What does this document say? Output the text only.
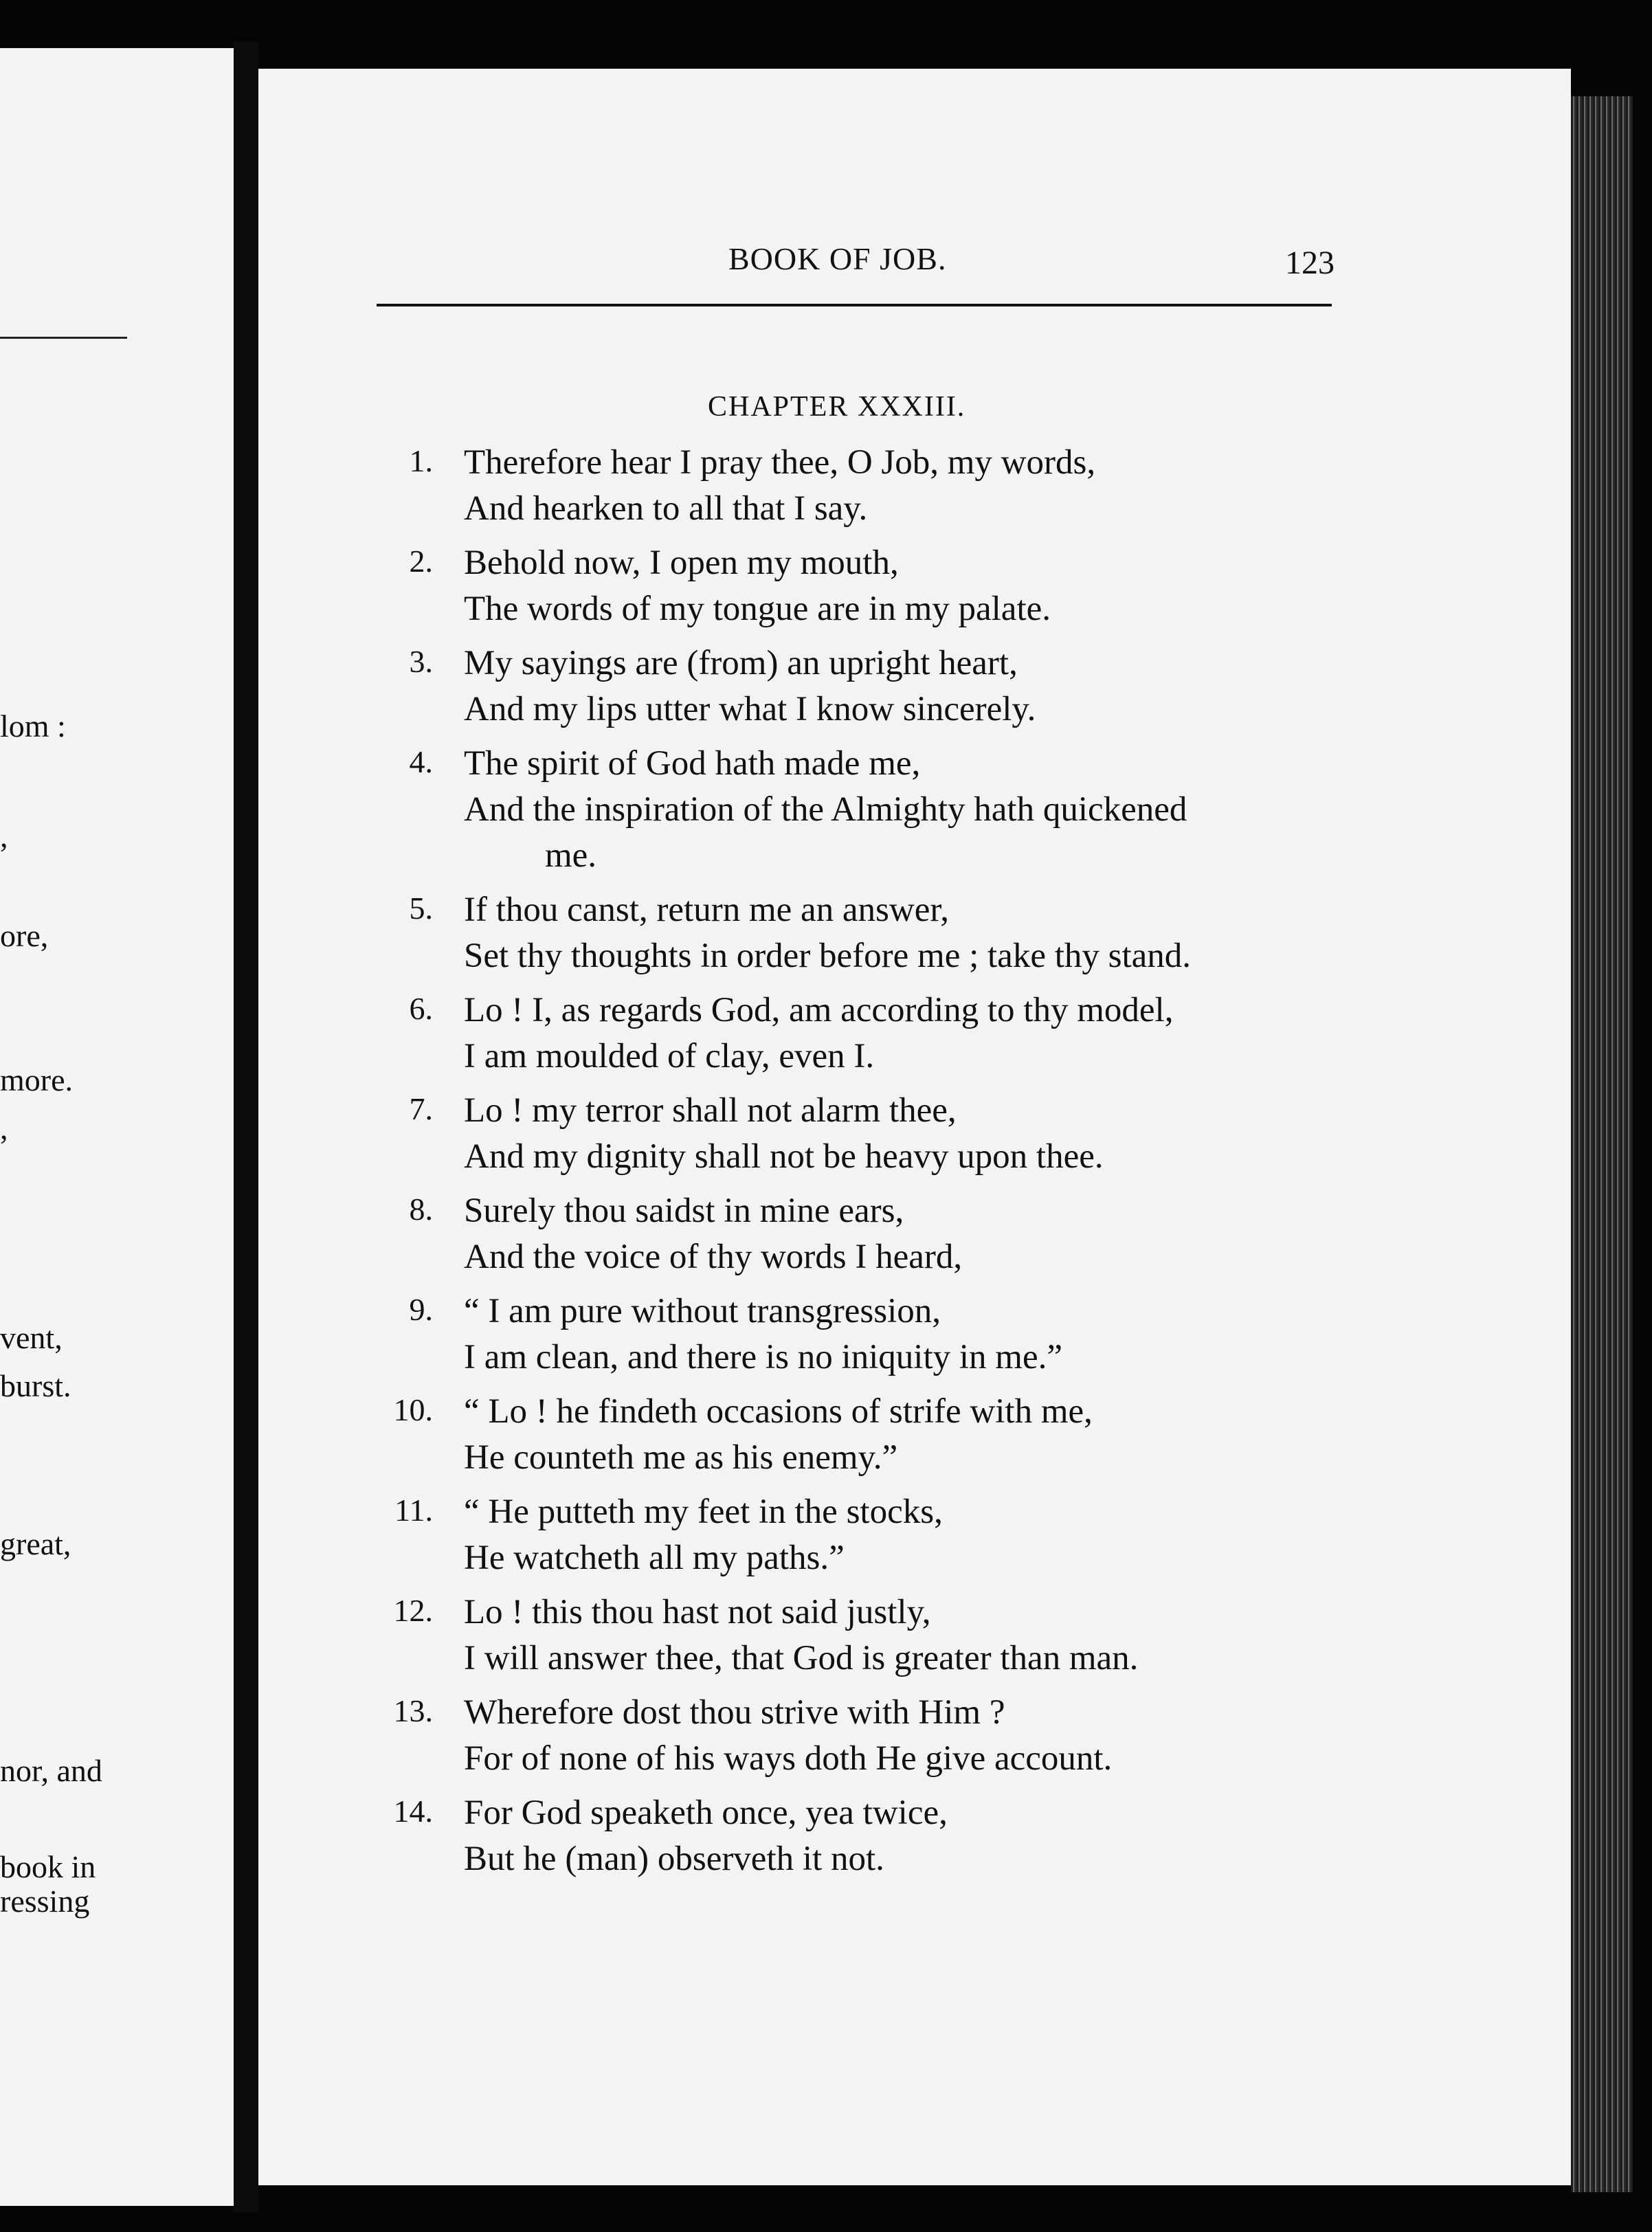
lom :
,
ore,
more.
,
vent,
burst.
great,
nor, and
book in
ressing
BOOK OF JOB.	123
CHAPTER XXXIII.
1. Therefore hear I pray thee, O Job, my words,
And hearken to all that I say.
2. Behold now, I open my mouth,
The words of my tongue are in my palate.
3. My sayings are (from) an upright heart,
And my lips utter what I know sincerely.
4. The spirit of God hath made me,
And the inspiration of the Almighty hath quickened
me.
5. If thou canst, return me an answer,
Set thy thoughts in order before me ; take thy stand.
6. Lo ! I, as regards God, am according to thy model,
I am moulded of clay, even I.
7. Lo ! my terror shall not alarm thee,
And my dignity shall not be heavy upon thee.
8. Surely thou saidst in mine ears,
And the voice of thy words I heard,
9. “ I am pure without transgression,
I am clean, and there is no iniquity in me.”
10. “ Lo ! he findeth occasions of strife with me,
He counteth me as his enemy.”
11. “ He putteth my feet in the stocks,
He watcheth all my paths.”
12. Lo ! this thou hast not said justly,
I will answer thee, that God is greater than man.
13. Wherefore dost thou strive with Him ?
For of none of his ways doth He give account.
14. For God speaketh once, yea twice,
But he (man) observeth it not.
